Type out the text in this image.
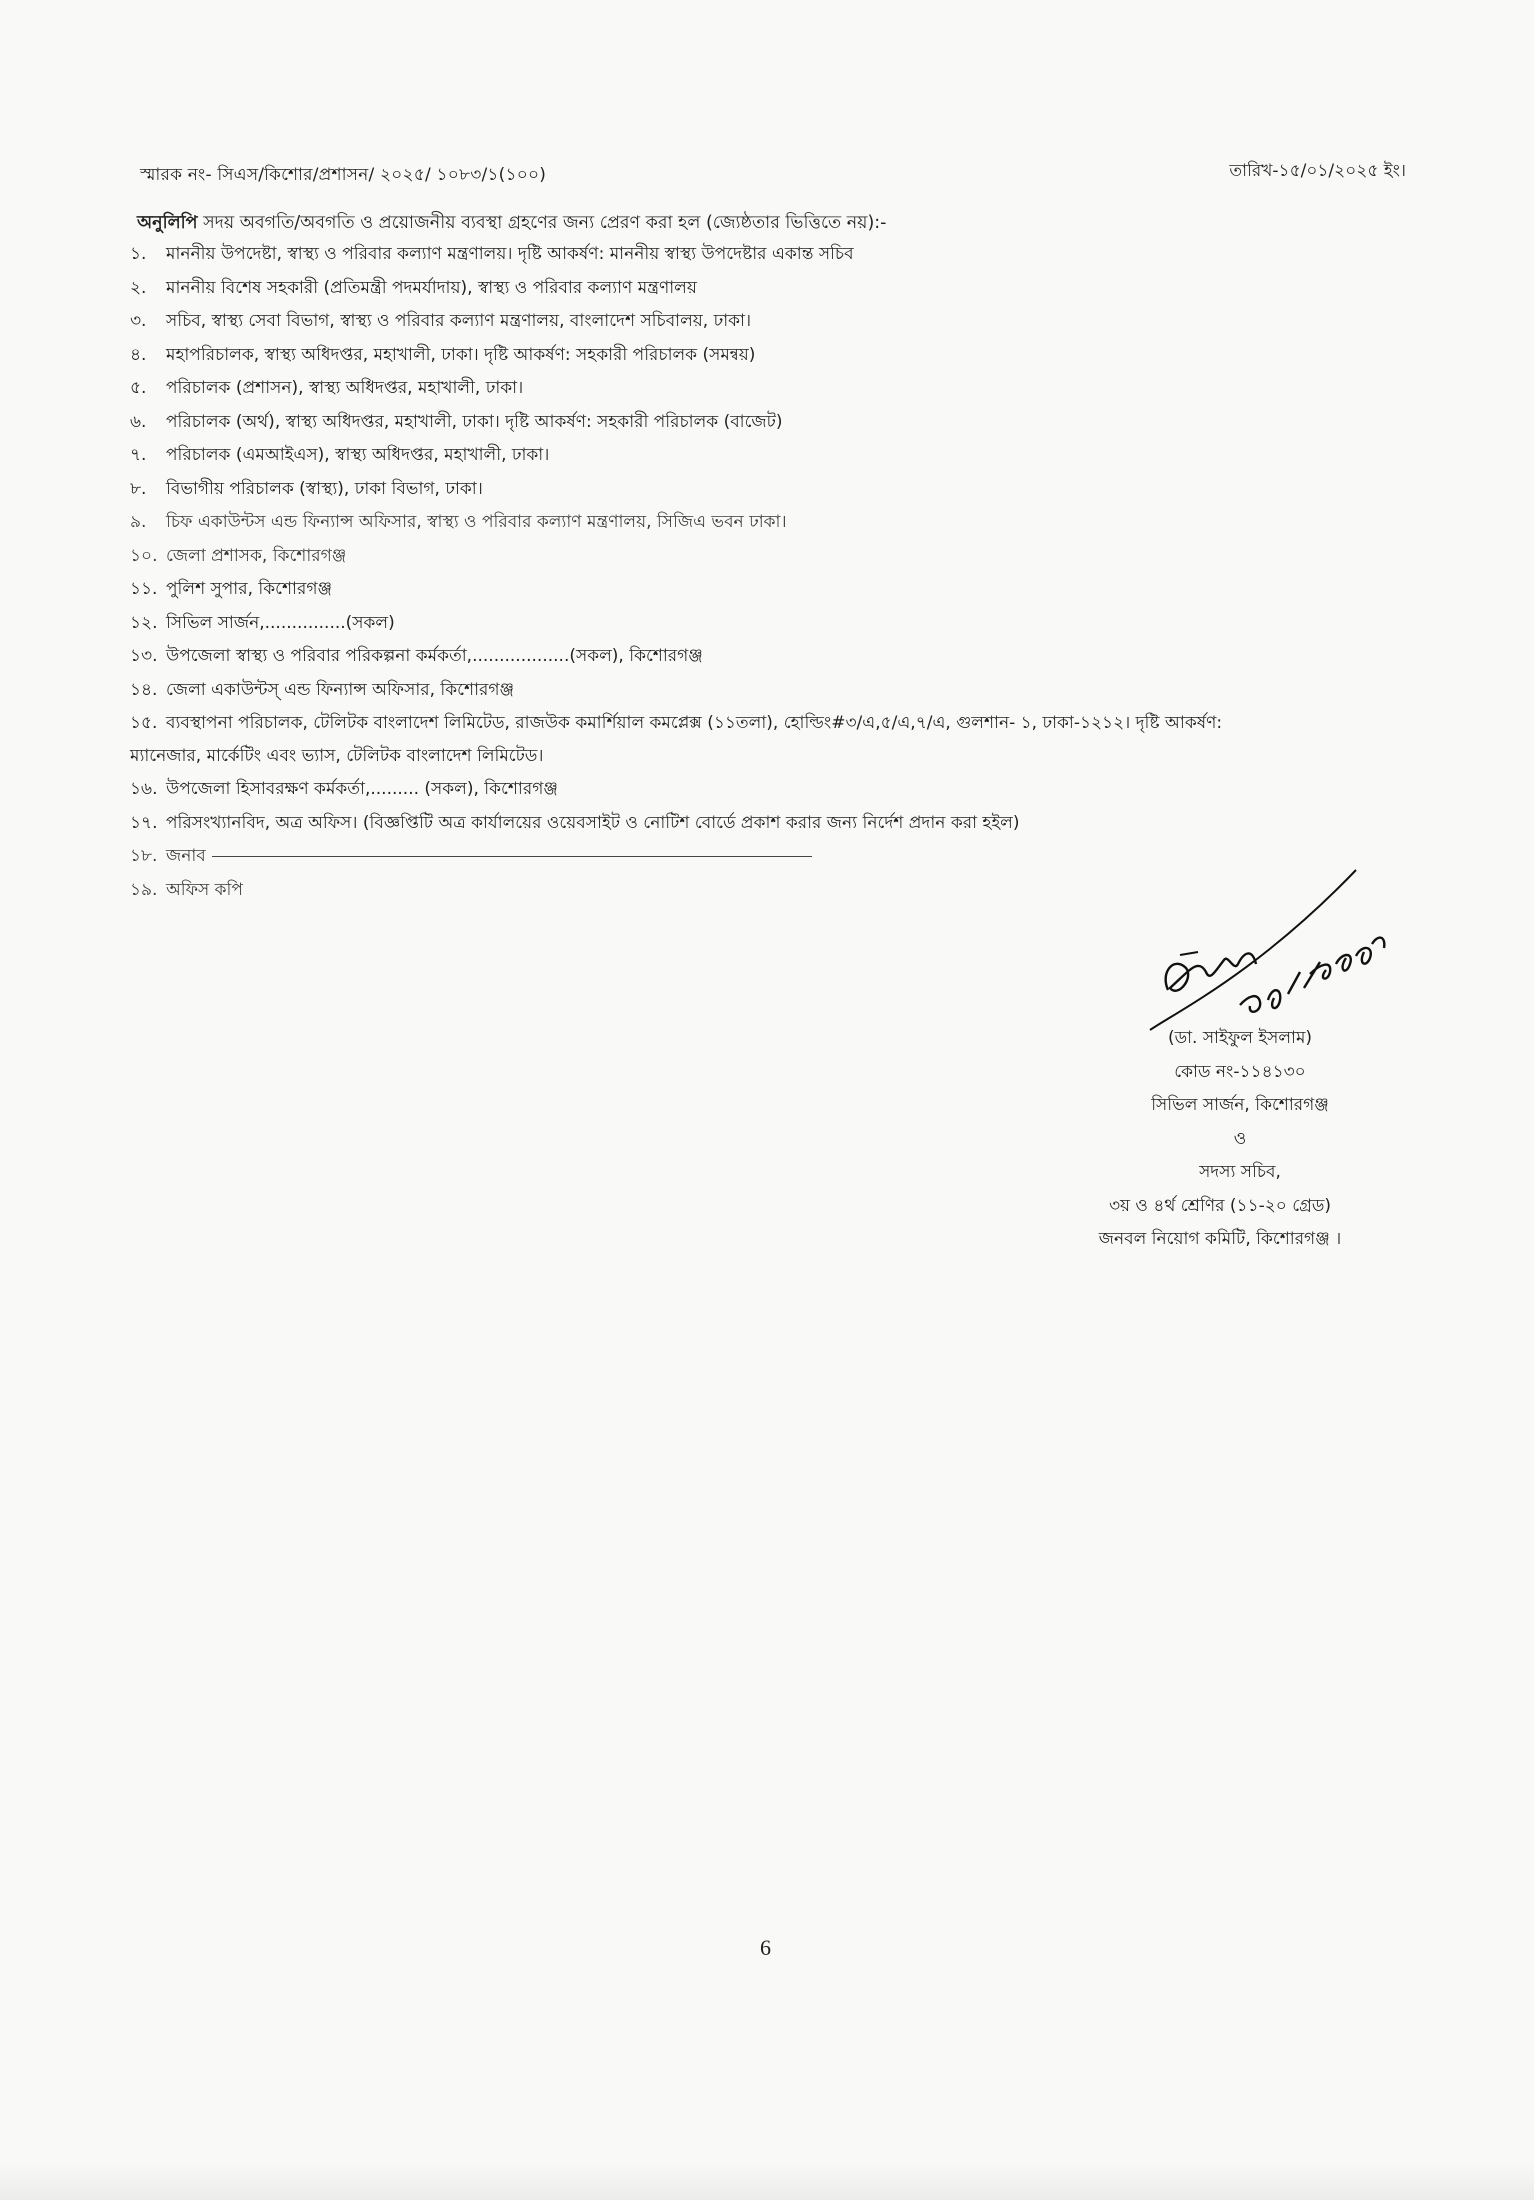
স্মারক নং- সিএস/কিশোর/প্রশাসন/ ২০২৫/ ১০৮৩/১(১০০)	তারিখ-১৫/০১/২০২৫ ইং।
অনুলিপি সদয় অবগতি/অবগতি ও প্রয়োজনীয় ব্যবস্থা গ্রহণের জন্য প্রেরণ করা হল (জ্যেষ্ঠতার ভিত্তিতে নয়):-
১. মাননীয় উপদেষ্টা, স্বাস্থ্য ও পরিবার কল্যাণ মন্ত্রণালয়। দৃষ্টি আকর্ষণ: মাননীয় স্বাস্থ্য উপদেষ্টার একান্ত সচিব
২. মাননীয় বিশেষ সহকারী (প্রতিমন্ত্রী পদমর্যাদায়), স্বাস্থ্য ও পরিবার কল্যাণ মন্ত্রণালয়
৩. সচিব, স্বাস্থ্য সেবা বিভাগ, স্বাস্থ্য ও পরিবার কল্যাণ মন্ত্রণালয়, বাংলাদেশ সচিবালয়, ঢাকা।
৪. মহাপরিচালক, স্বাস্থ্য অধিদপ্তর, মহাখালী, ঢাকা। দৃষ্টি আকর্ষণ: সহকারী পরিচালক (সমন্বয়)
৫. পরিচালক (প্রশাসন), স্বাস্থ্য অধিদপ্তর, মহাখালী, ঢাকা।
৬. পরিচালক (অর্থ), স্বাস্থ্য অধিদপ্তর, মহাখালী, ঢাকা। দৃষ্টি আকর্ষণ: সহকারী পরিচালক (বাজেট)
৭. পরিচালক (এমআইএস), স্বাস্থ্য অধিদপ্তর, মহাখালী, ঢাকা।
৮. বিভাগীয় পরিচালক (স্বাস্থ্য), ঢাকা বিভাগ, ঢাকা।
৯. চিফ একাউন্টস এন্ড ফিন্যান্স অফিসার, স্বাস্থ্য ও পরিবার কল্যাণ মন্ত্রণালয়, সিজিএ ভবন ঢাকা।
১০. জেলা প্রশাসক, কিশোরগঞ্জ
১১. পুলিশ সুপার, কিশোরগঞ্জ
১২. সিভিল সার্জন,...............(সকল)
১৩. উপজেলা স্বাস্থ্য ও পরিবার পরিকল্পনা কর্মকর্তা,..................(সকল), কিশোরগঞ্জ
১৪. জেলা একাউন্টস্ এন্ড ফিন্যান্স অফিসার, কিশোরগঞ্জ
১৫. ব্যবস্থাপনা পরিচালক, টেলিটক বাংলাদেশ লিমিটেড, রাজউক কমার্শিয়াল কমপ্লেক্স (১১তলা), হোল্ডিং#৩/এ,৫/এ,৭/এ, গুলশান- ১, ঢাকা-১২১২। দৃষ্টি আকর্ষণ:
ম্যানেজার, মার্কেটিং এবং ভ্যাস, টেলিটক বাংলাদেশ লিমিটেড।
১৬. উপজেলা হিসাবরক্ষণ কর্মকর্তা,......... (সকল), কিশোরগঞ্জ
১৭. পরিসংখ্যানবিদ, অত্র অফিস। (বিজ্ঞপ্তিটি অত্র কার্যালয়ের ওয়েবসাইট ও নোটিশ বোর্ডে প্রকাশ করার জন্য নির্দেশ প্রদান করা হইল)
১৮. জনাব
১৯. অফিস কপি
(ডা. সাইফুল ইসলাম)
কোড নং-১১৪১৩০
সিভিল সার্জন, কিশোরগঞ্জ
ও
সদস্য সচিব,
৩য় ও ৪র্থ শ্রেণির (১১-২০ গ্রেড)
জনবল নিয়োগ কমিটি, কিশোরগঞ্জ ।
6
